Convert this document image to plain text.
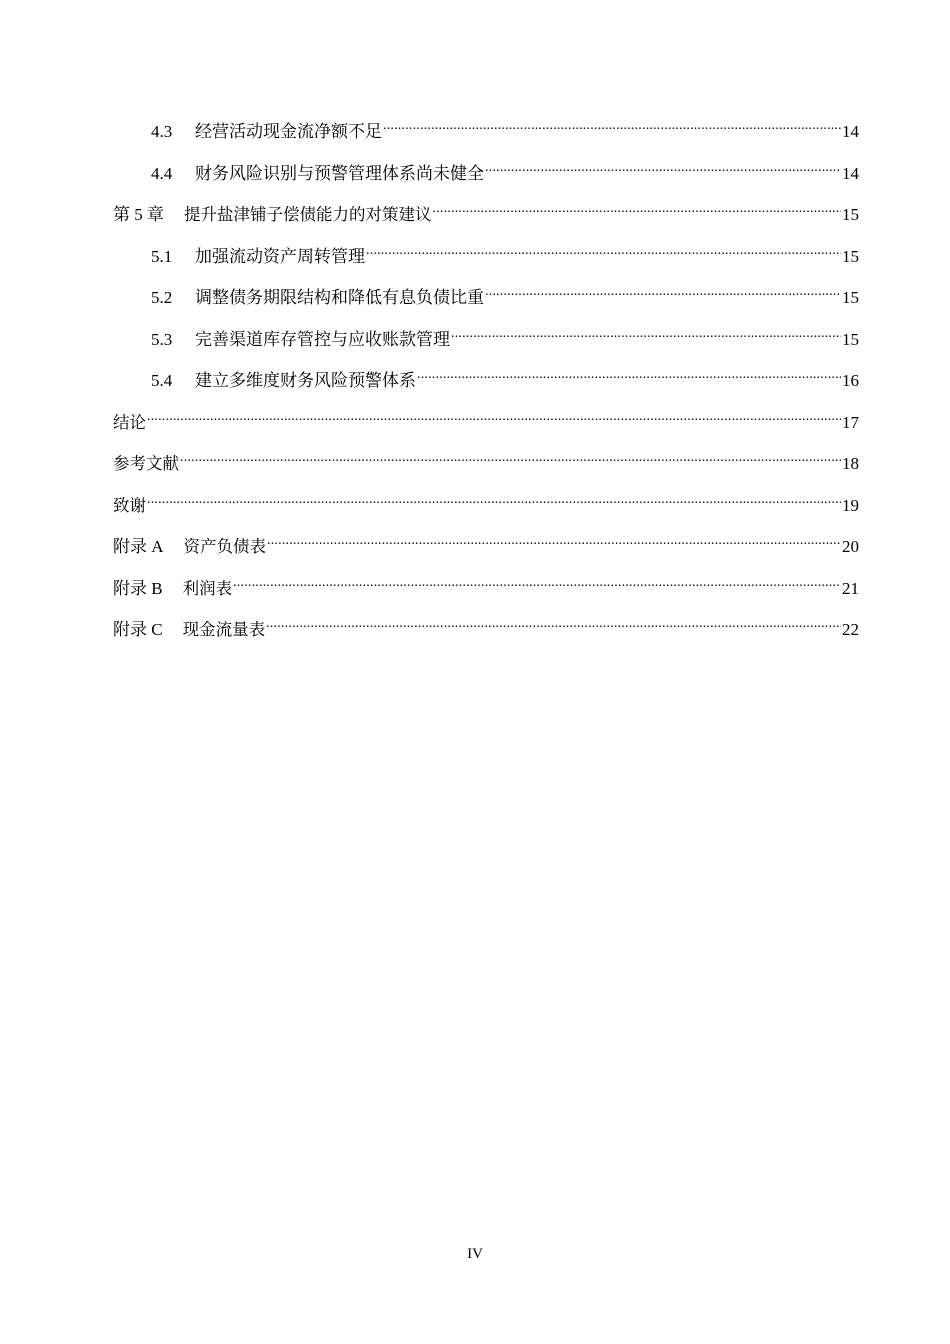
4.3	经营活动现金流净额不足 .....	14
4.4	财务风险识别与预警管理体系尚未健全 .....	14
第 5 章 提升盐津铺子偿债能力的对策建议 .....	15
5.1	加强流动资产周转管理 .....	15
5.2	调整债务期限结构和降低有息负债比重 .....	15
5.3	完善渠道库存管控与应收账款管理 .....	15
5.4	建立多维度财务风险预警体系 .....	16
结论 .....	17
参考文献 .....	18
致谢 .....	19
附录 A 资产负债表 .....	20
附录 B 利润表 .....	21
附录 C 现金流量表 .....	22
IV
